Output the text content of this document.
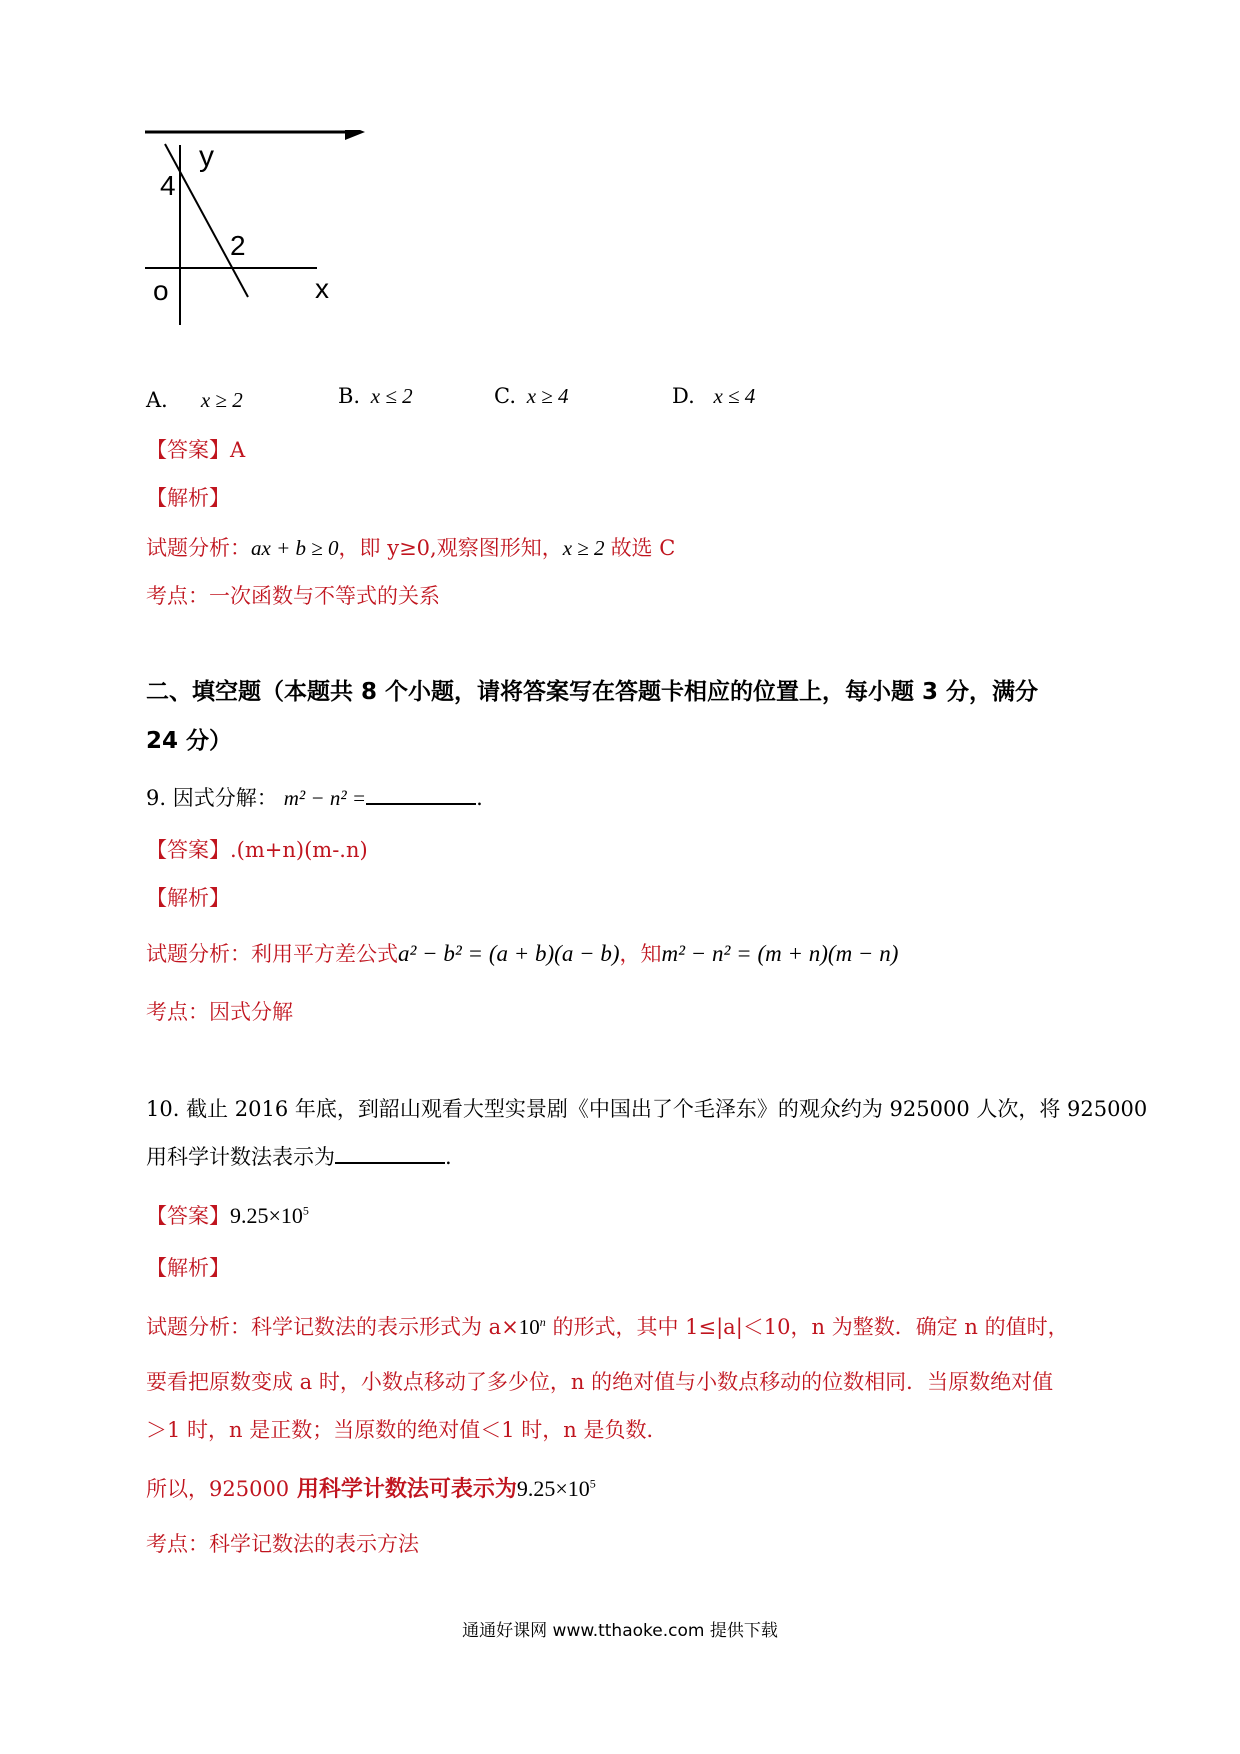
y
4
2
o	x
A． x ≥ 2	B. x ≤ 2	C. x ≥ 4	D. x ≤ 4
【答案】A
【解析】
试题分析：ax + b ≥ 0，即 y≥0,观察图形知，x ≥ 2 故选 C
考点：一次函数与不等式的关系
二、填空题（本题共 8 个小题，请将答案写在答题卡相应的位置上，每小题 3 分，满分
24 分）
9. 因式分解： m² − n² =	.
【答案】.(m+n)(m-.n)
【解析】
试题分析：利用平方差公式a² − b² = (a + b)(a − b)，知m² − n² = (m + n)(m − n)
考点：因式分解
10. 截止 2016 年底，到韶山观看大型实景剧《中国出了个毛泽东》的观众约为 925000 人次，将 925000
用科学计数法表示为	.
【答案】$9.25\times 10^5$
【解析】
试题分析：科学记数法的表示形式为 $a\times 10^n$ 的形式，其中 1≤|a|＜10，n 为整数．确定 n 的值时，
要看把原数变成 a 时，小数点移动了多少位，n 的绝对值与小数点移动的位数相同．当原数绝对值
＞1 时，n 是正数；当原数的绝对值＜1 时，n 是负数．
所以，925000 用科学计数法可表示为$9.25\times 10^5$
考点：科学记数法的表示方法
通通好课网 www.tthaoke.com 提供下载
